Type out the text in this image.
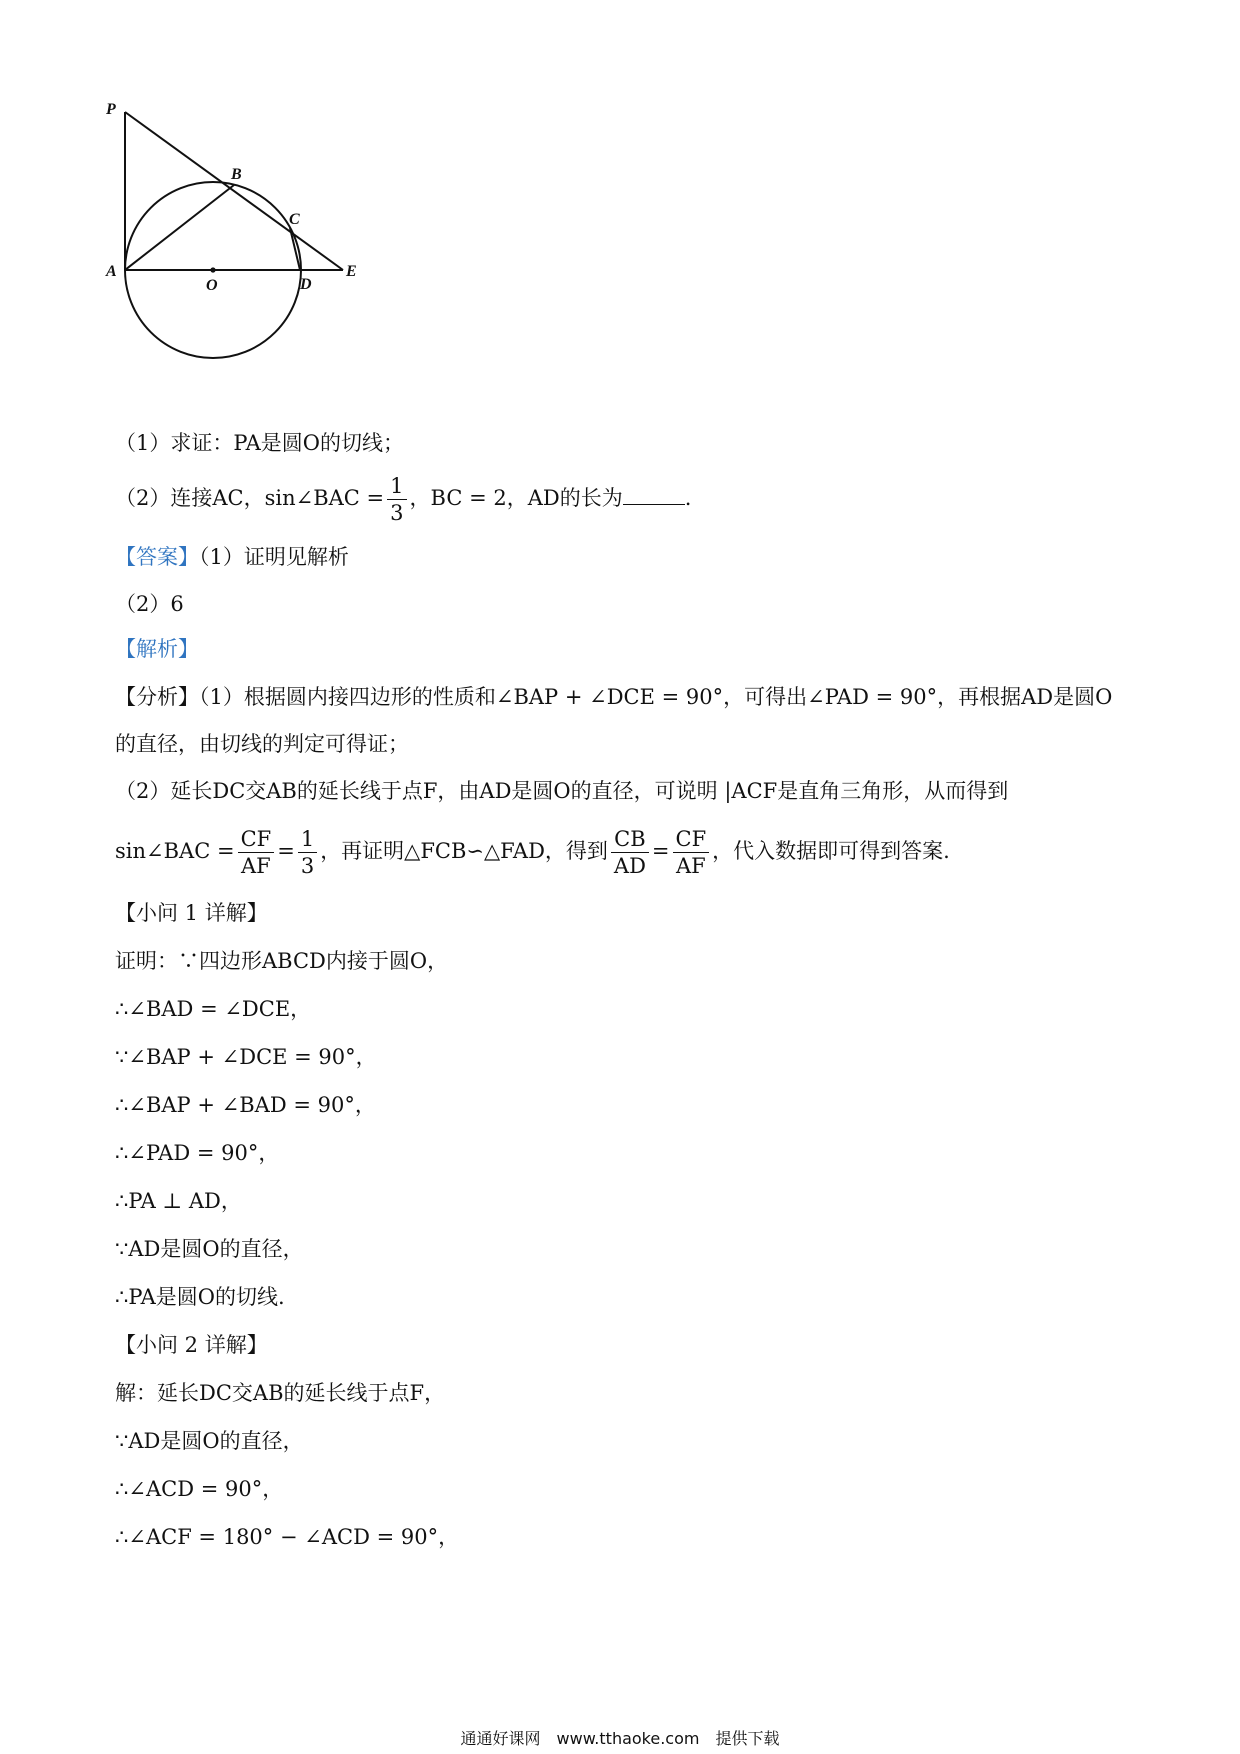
P
B
C
A
O	D
E
（1）求证：PA是圆O的切线；
（2）连接AC，sin∠BAC = $\frac{1}{3}$ ，BC = 2，AD的长为	.
【答案】（1）证明见解析
（2）6
【解析】
【分析】（1）根据圆内接四边形的性质和∠BAP + ∠DCE = 90°，可得出∠PAD = 90°，再根据AD是圆O
的直径，由切线的判定可得证；
（2）延长DC交AB的延长线于点F，由AD是圆O的直径，可说明 |ACF是直角三角形，从而得到
sin∠BAC = $\frac{CF}{AF} = \frac{1}{3}$ ，再证明△FCB∽△FAD，得到 $\frac{CB}{AD} = \frac{CF}{AF}$ ，代入数据即可得到答案.
【小问 1 详解】
证明：∵四边形ABCD内接于圆O，
∴∠BAD = ∠DCE，
∵∠BAP + ∠DCE = 90°，
∴∠BAP + ∠BAD = 90°，
∴∠PAD = 90°，
∴PA ⊥ AD，
∵AD是圆O的直径，
∴PA是圆O的切线.
【小问 2 详解】
解：延长DC交AB的延长线于点F，
∵AD是圆O的直径，
∴∠ACD = 90°，
∴∠ACF = 180° − ∠ACD = 90°，
通通好课网 www.tthaoke.com 提供下载
